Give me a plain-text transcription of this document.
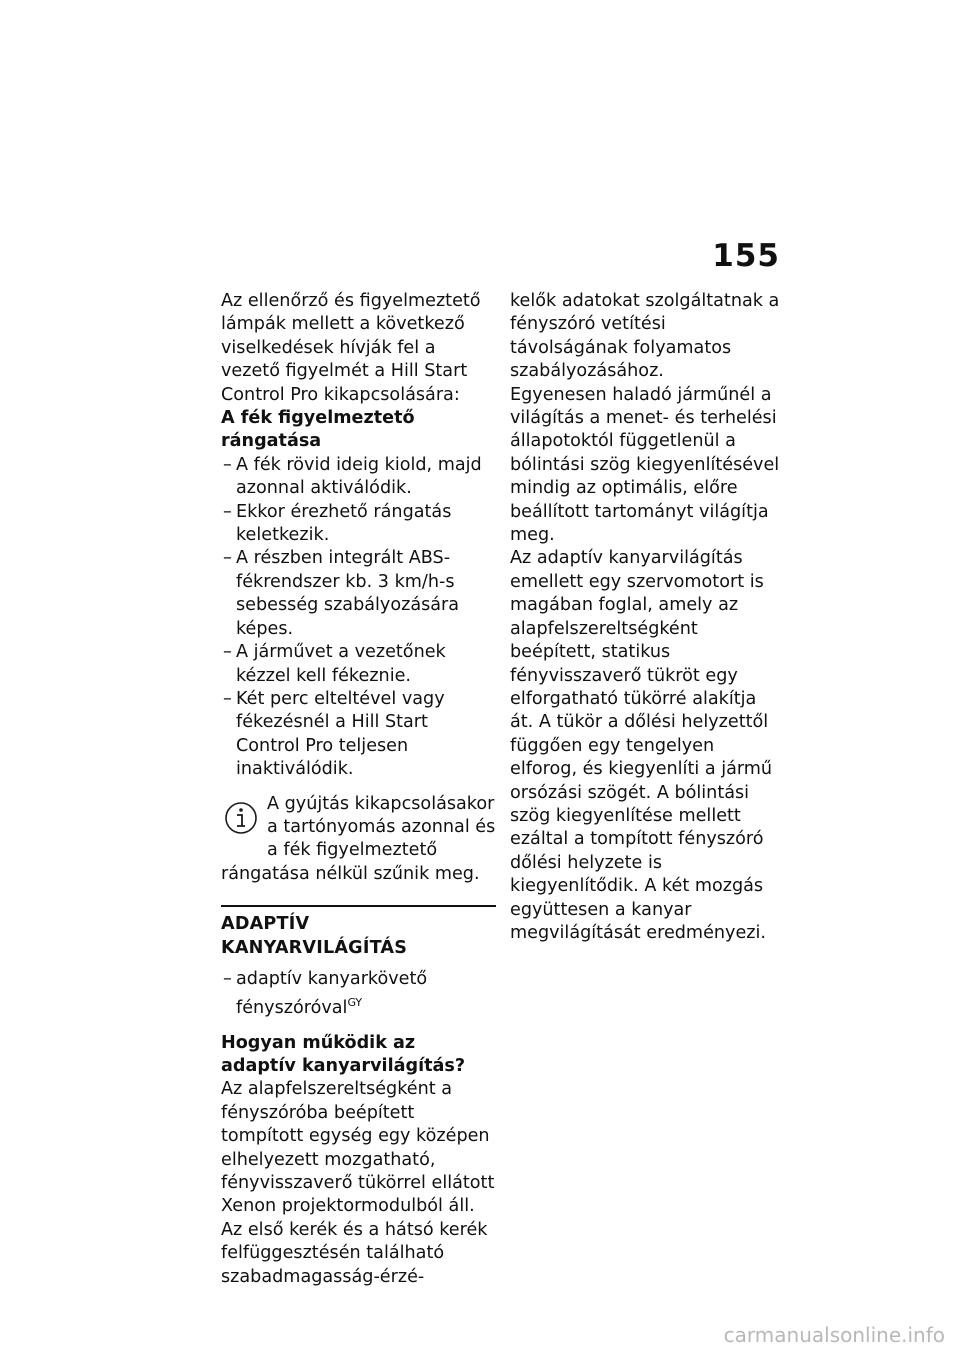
155

Az ellenőrző és figyelmeztető lámpák mellett a következő viselkedések hívják fel a vezető figyelmét a Hill Start Control Pro kikapcsolására:

A fék figyelmeztető rángatása

– A fék rövid ideig kiold, majd azonnal aktiválódik.
– Ekkor érezhető rángatás keletkezik.
– A részben integrált ABS-fékrendszer kb. 3 km/h-s sebesség szabályozására képes.
– A járművet a vezetőnek kézzel kell fékeznie.
– Két perc elteltével vagy fékezésnél a Hill Start Control Pro teljesen inaktiválódik.
A gyújtás kikapcsolásakor a tartónyomás azonnal és a fék figyelmeztető rángatása nélkül szűnik meg.

ADAPTÍV KANYARVILÁGÍTÁS

– adaptív kanyarkövető fényszóróval$^{GY}$

Hogyan működik az adaptív kanyarvilágítás?

Az alapfelszereltségként a fényszóróba beépített tompított egység egy középen elhelyezett mozgatható, fényvisszaverő tükörrel ellátott Xenon projektormodulból áll. Az első kerék és a hátsó kerék felfüggesztésén található szabadmagasság-érzé-

kelők adatokat szolgáltatnak a fényszóró vetítési távolságának folyamatos szabályozásához.

Egyenesen haladó járműnél a világítás a menet- és terhelési állapotoktól függetlenül a bólintási szög kiegyenlítésével mindig az optimális, előre beállított tartományt világítja meg.

Az adaptív kanyarvilágítás emellett egy szervomotort is magában foglal, amely az alapfelszereltségként beépített, statikus fényvisszaverő tükröt egy elforgatható tükörré alakítja át. A tükör a dőlési helyzettől függően egy tengelyen elforog, és kiegyenlíti a jármű orsózási szögét. A bólintási szög kiegyenlítése mellett ezáltal a tompított fényszóró dőlési helyzete is kiegyenlítődik. A két mozgás együttesen a kanyar megvilágítását eredményezi.

carmanualsonline.info
